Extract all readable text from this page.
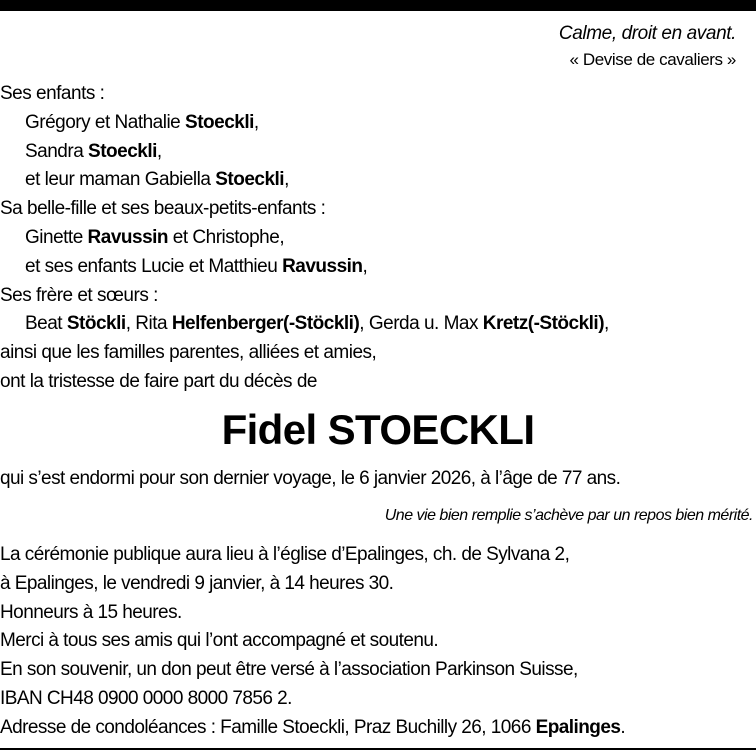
Calme, droit en avant.
« Devise de cavaliers »
Ses enfants :
Grégory et Nathalie Stoeckli,
Sandra Stoeckli,
et leur maman Gabiella Stoeckli,
Sa belle-fille et ses beaux-petits-enfants :
Ginette Ravussin et Christophe,
et ses enfants Lucie et Matthieu Ravussin,
Ses frère et sœurs :
Beat Stöckli, Rita Helfenberger(-Stöckli), Gerda u. Max Kretz(-Stöckli),
ainsi que les familles parentes, alliées et amies,
ont la tristesse de faire part du décès de
Fidel STOECKLI
qui s’est endormi pour son dernier voyage, le 6 janvier 2026, à l’âge de 77 ans.
Une vie bien remplie s’achève par un repos bien mérité.
La cérémonie publique aura lieu à l’église d’Epalinges, ch. de Sylvana 2,
à Epalinges, le vendredi 9 janvier, à 14 heures 30.
Honneurs à 15 heures.
Merci à tous ses amis qui l’ont accompagné et soutenu.
En son souvenir, un don peut être versé à l’association Parkinson Suisse,
IBAN CH48 0900 0000 8000 7856 2.
Adresse de condoléances : Famille Stoeckli, Praz Buchilly 26, 1066 Epalinges.
